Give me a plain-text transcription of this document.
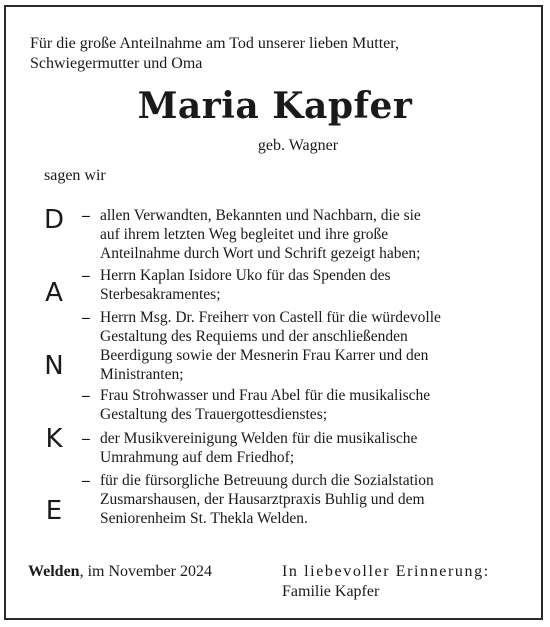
Für die große Anteilnahme am Tod unserer lieben Mutter,
Schwiegermutter und Oma
Maria Kapfer
geb. Wagner
sagen wir
D
A
N
K
E
– allen Verwandten, Bekannten und Nachbarn, die sie
auf ihrem letzten Weg begleitet und ihre große
Anteilnahme durch Wort und Schrift gezeigt haben;
– Herrn Kaplan Isidore Uko für das Spenden des
Sterbesakramentes;
– Herrn Msg. Dr. Freiherr von Castell für die würdevolle
Gestaltung des Requiems und der anschließenden
Beerdigung sowie der Mesnerin Frau Karrer und den
Ministranten;
– Frau Strohwasser und Frau Abel für die musikalische
Gestaltung des Trauergottesdienstes;
– der Musikvereinigung Welden für die musikalische
Umrahmung auf dem Friedhof;
– für die fürsorgliche Betreuung durch die Sozialstation
Zusmarshausen, der Hausarztpraxis Buhlig und dem
Seniorenheim St. Thekla Welden.
Welden, im November 2024	In liebevoller Erinnerung:
Familie Kapfer
